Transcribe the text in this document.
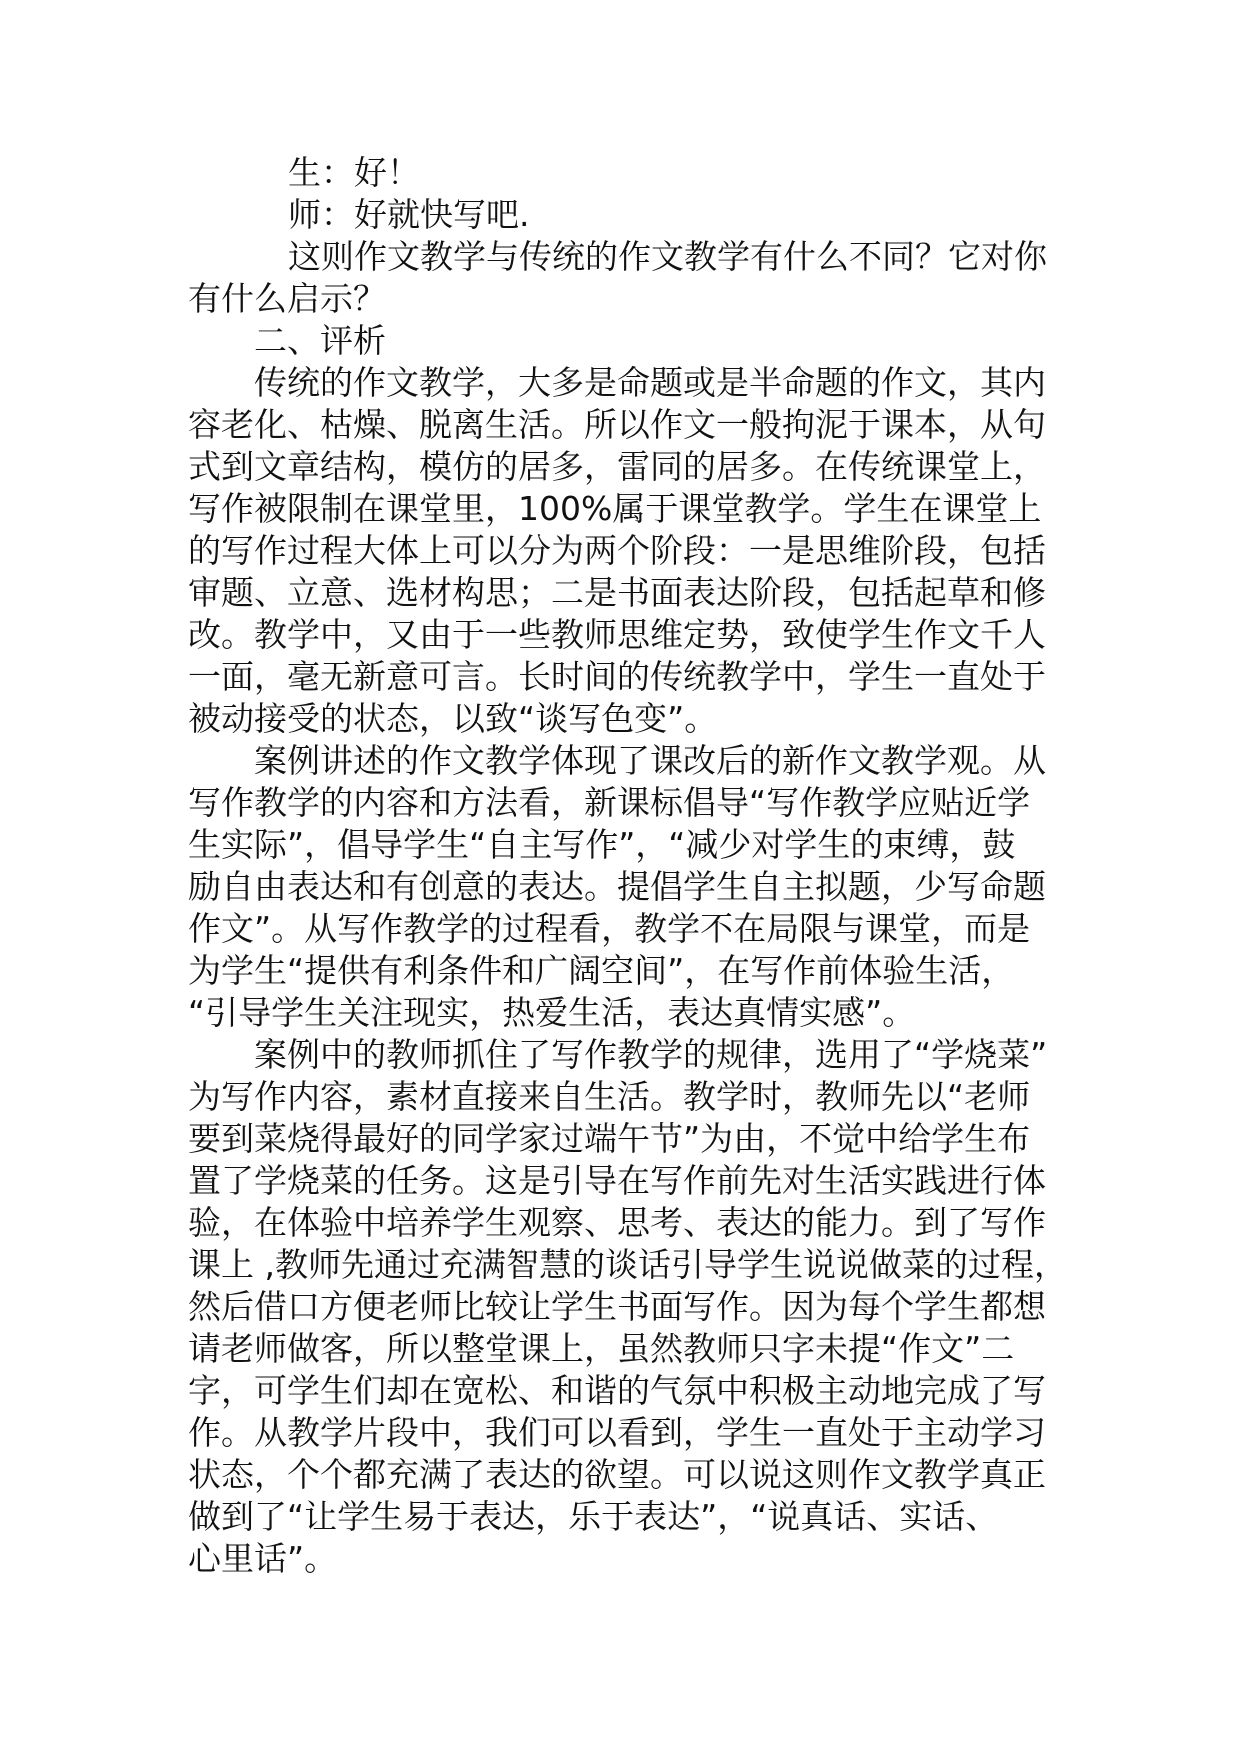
生：好！
师：好就快写吧.
这则作文教学与传统的作文教学有什么不同？它对你
有什么启示？
二、评析
传统的作文教学，大多是命题或是半命题的作文，其内
容老化、枯燥、脱离生活。所以作文一般拘泥于课本，从句
式到文章结构，模仿的居多，雷同的居多。在传统课堂上，
写作被限制在课堂里，100%属于课堂教学。学生在课堂上
的写作过程大体上可以分为两个阶段：一是思维阶段，包括
审题、立意、选材构思；二是书面表达阶段，包括起草和修
改。教学中，又由于一些教师思维定势，致使学生作文千人
一面，毫无新意可言。长时间的传统教学中，学生一直处于
被动接受的状态，以致“谈写色变”。
案例讲述的作文教学体现了课改后的新作文教学观。从
写作教学的内容和方法看，新课标倡导“写作教学应贴近学
生实际”，倡导学生“自主写作”，“减少对学生的束缚，鼓
励自由表达和有创意的表达。提倡学生自主拟题，少写命题
作文”。从写作教学的过程看，教学不在局限与课堂，而是
为学生“提供有利条件和广阔空间”，在写作前体验生活，
“引导学生关注现实，热爱生活，表达真情实感”。
案例中的教师抓住了写作教学的规律，选用了“学烧菜”
为写作内容，素材直接来自生活。教学时，教师先以“老师
要到菜烧得最好的同学家过端午节”为由，不觉中给学生布
置了学烧菜的任务。这是引导在写作前先对生活实践进行体
验，在体验中培养学生观察、思考、表达的能力。到了写作
课上 ,教师先通过充满智慧的谈话引导学生说说做菜的过程，
然后借口方便老师比较让学生书面写作。因为每个学生都想
请老师做客，所以整堂课上，虽然教师只字未提“作文”二
字，可学生们却在宽松、和谐的气氛中积极主动地完成了写
作。从教学片段中，我们可以看到，学生一直处于主动学习
状态，个个都充满了表达的欲望。可以说这则作文教学真正
做到了“让学生易于表达，乐于表达”，“说真话、实话、
心里话”。
